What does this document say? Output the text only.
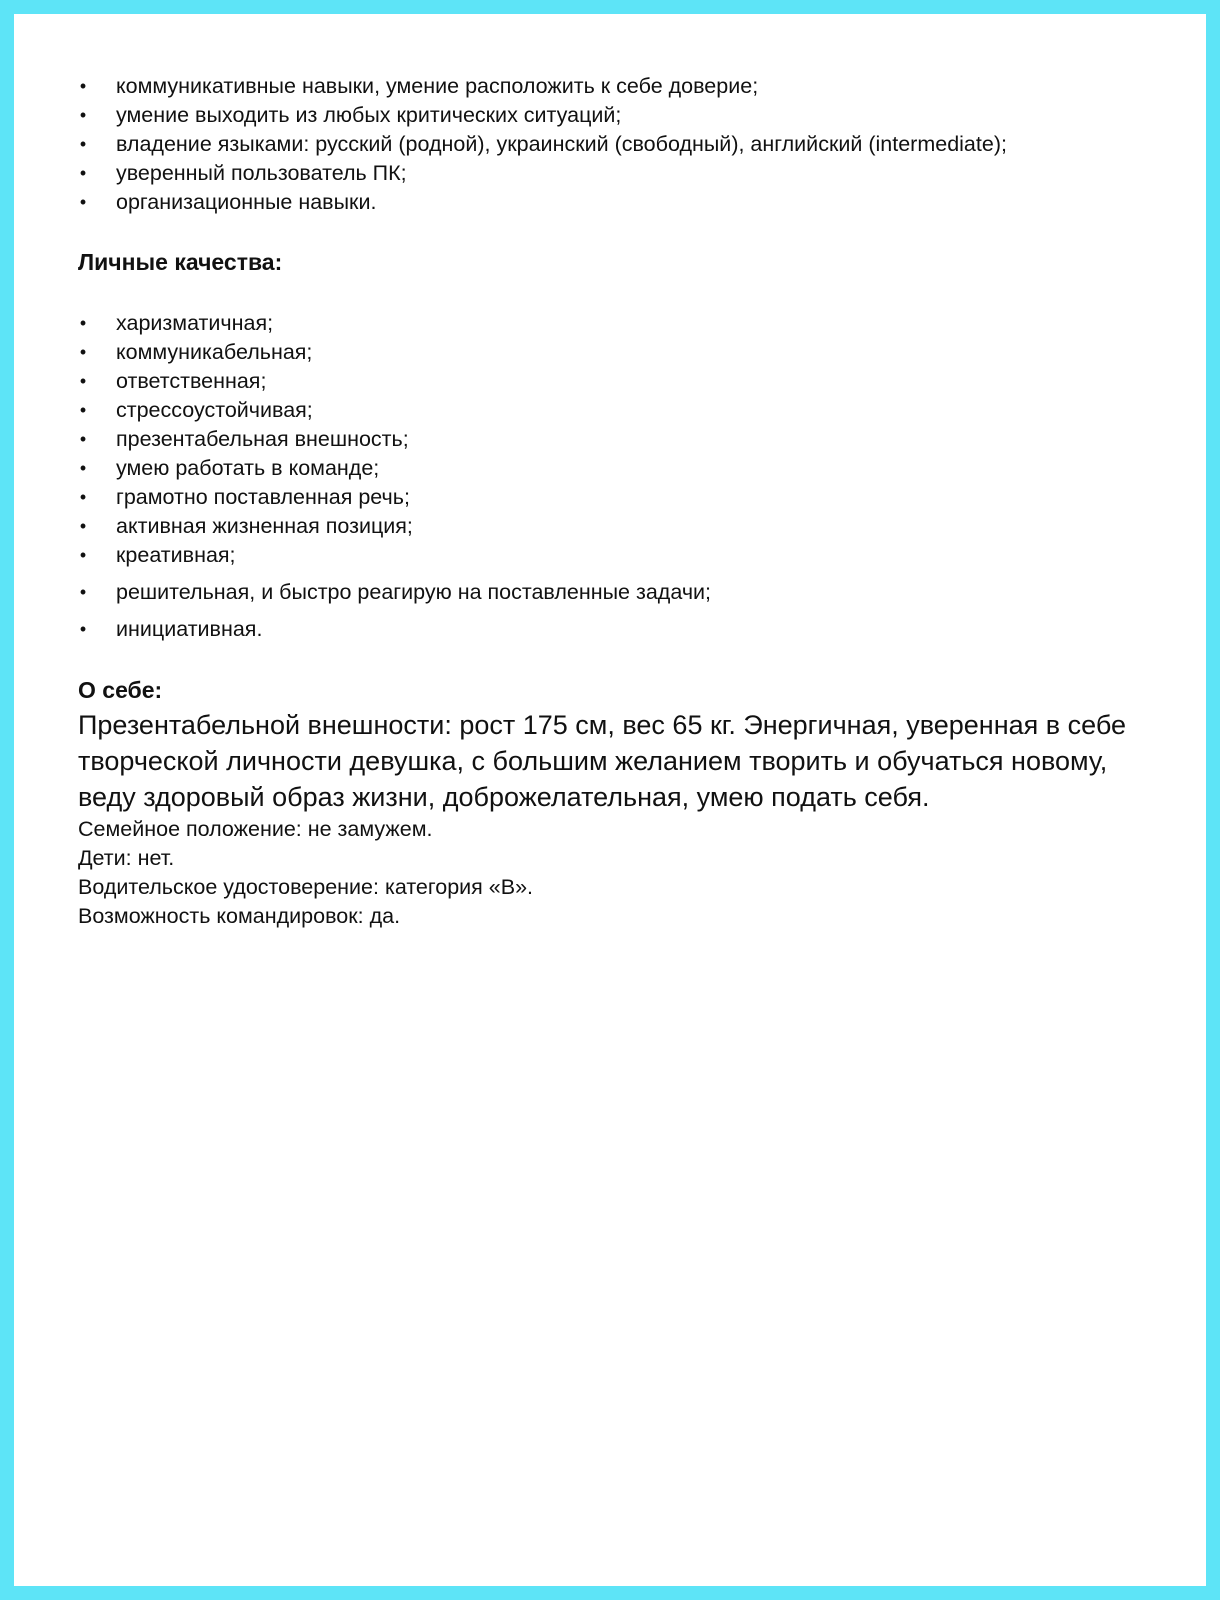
• коммуникативные навыки, умение расположить к себе доверие;
• умение выходить из любых критических ситуаций;
• владение языками: русский (родной), украинский (свободный), английский (intermediate);
• уверенный пользователь ПК;
• организационные навыки.
Личные качества:
• харизматичная;
• коммуникабельная;
• ответственная;
• стрессоустойчивая;
• презентабельная внешность;
• умею работать в команде;
• грамотно поставленная речь;
• активная жизненная позиция;
• креативная;
• решительная, и быстро реагирую на поставленные задачи;
• инициативная.
О себе:

Презентабельной внешности: рост 175 см, вес 65 кг. Энергичная, уверенная в себе творческой личности девушка, с большим желанием творить и обучаться новому, веду здоровый образ жизни, доброжелательная, умею подать себя.

Семейное положение: не замужем.
Дети: нет.
Водительское удостоверение: категория «В».
Возможность командировок: да.
